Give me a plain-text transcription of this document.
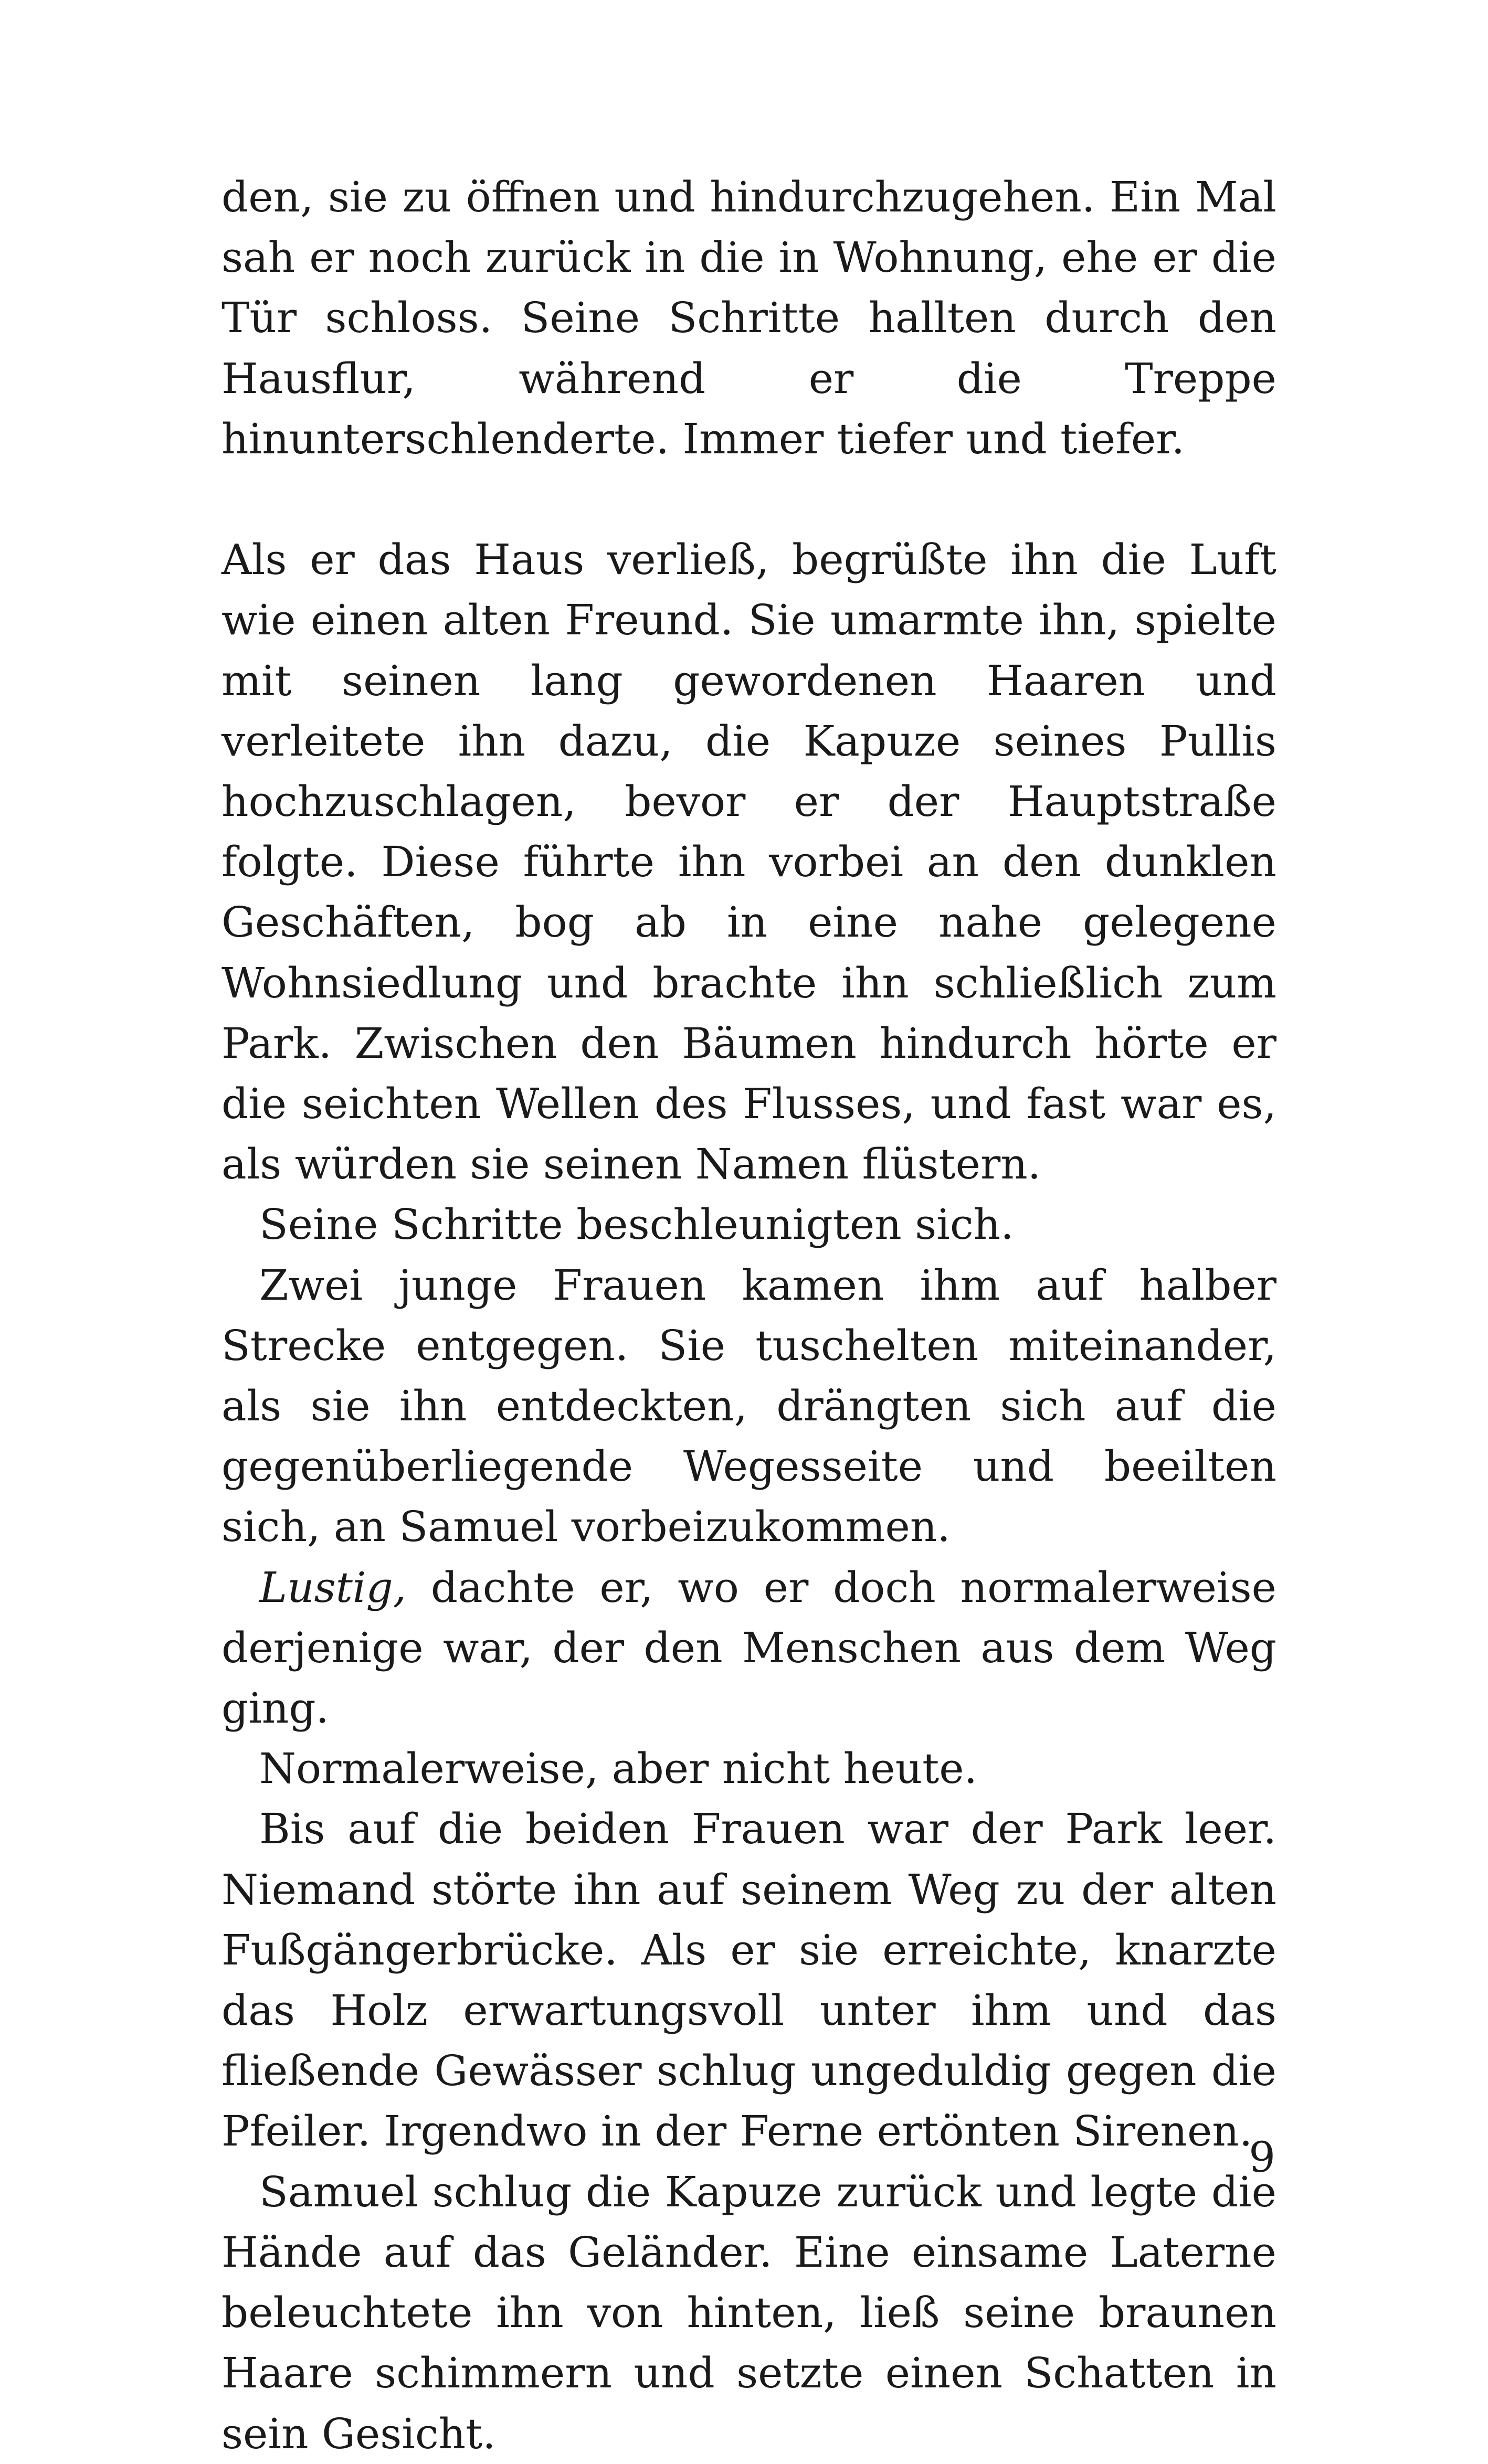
den, sie zu öffnen und hindurchzugehen. Ein Mal sah er noch zurück in die in Wohnung, ehe er die Tür schloss. Seine Schritte hallten durch den Hausflur, während er die Treppe hinunterschlenderte. Immer tiefer und tiefer.

Als er das Haus verließ, begrüßte ihn die Luft wie einen alten Freund. Sie umarmte ihn, spielte mit seinen lang gewordenen Haaren und verleitete ihn dazu, die Kapuze seines Pullis hochzuschlagen, bevor er der Hauptstraße folgte. Diese führte ihn vorbei an den dunklen Geschäften, bog ab in eine nahe gelegene Wohnsiedlung und brachte ihn schließlich zum Park. Zwischen den Bäumen hindurch hörte er die seichten Wellen des Flusses, und fast war es, als würden sie seinen Namen flüstern.

Seine Schritte beschleunigten sich.

Zwei junge Frauen kamen ihm auf halber Strecke entgegen. Sie tuschelten miteinander, als sie ihn entdeckten, drängten sich auf die gegenüberliegende Wegesseite und beeilten sich, an Samuel vorbeizukommen.

Lustig, dachte er, wo er doch normalerweise derjenige war, der den Menschen aus dem Weg ging.

Normalerweise, aber nicht heute.

Bis auf die beiden Frauen war der Park leer. Niemand störte ihn auf seinem Weg zu der alten Fußgängerbrücke. Als er sie erreichte, knarzte das Holz erwartungsvoll unter ihm und das fließende Gewässer schlug ungeduldig gegen die Pfeiler. Irgendwo in der Ferne ertönten Sirenen.

Samuel schlug die Kapuze zurück und legte die Hände auf das Geländer. Eine einsame Laterne beleuchtete ihn von hinten, ließ seine braunen Haare schimmern und setzte einen Schatten in sein Gesicht.

9
